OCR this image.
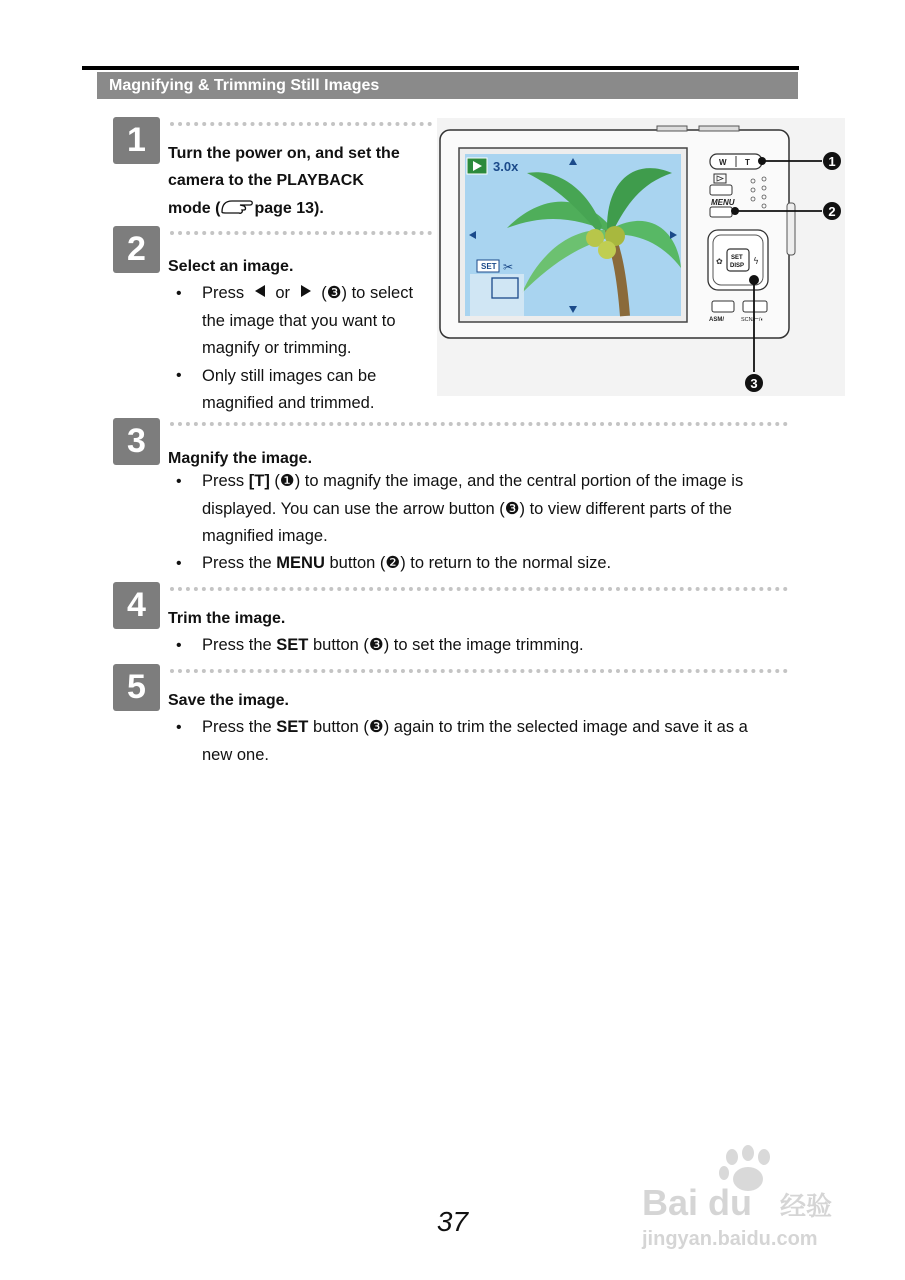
Magnifying & Trimming Still Images
1	Turn the power on, and set the
camera to the PLAYBACK
mode ( page 13).
2	Select an image.
• Press or (❸) to select
the image that you want to
magnify or trimming.
• Only still images can be
magnified and trimmed.
3.0x
SET ✂
W T
MENU
SET
DISP
✿	ϟ
ASM/	SCN/⊢/◐
1
2
3
3	Magnify the image.
• Press [T] (❶) to magnify the image, and the central portion of the image is
displayed. You can use the arrow button (❸) to view different parts of the
magnified image.
• Press the MENU button (❷) to return to the normal size.
4	Trim the image.
• Press the SET button (❸) to set the image trimming.
5	Save the image.
• Press the SET button (❸) again to trim the selected image and save it as a
new one.
37	Bai du 经验
jingyan.baidu.com
